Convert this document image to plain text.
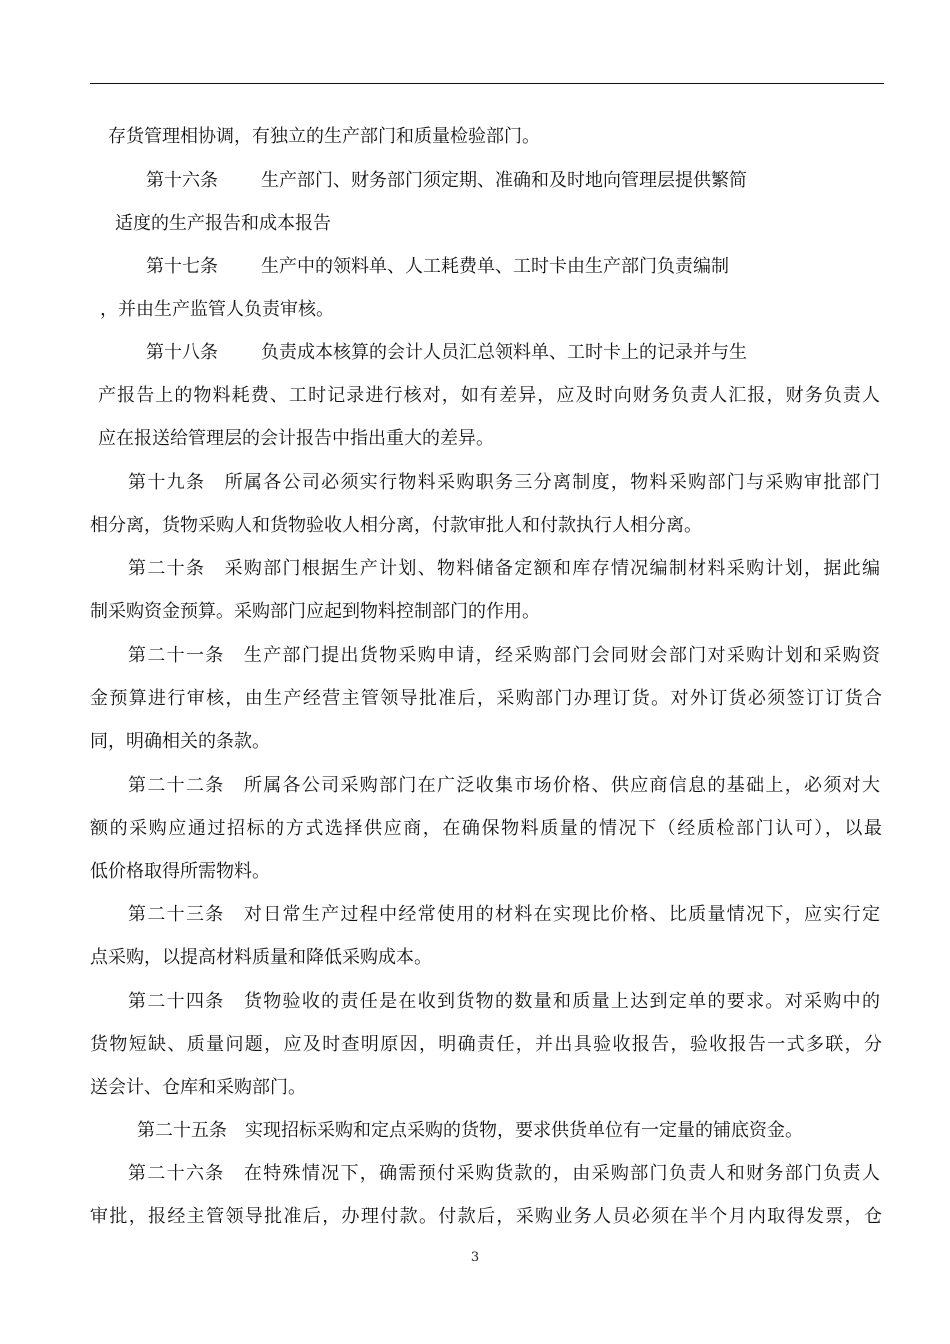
存货管理相协调，有独立的生产部门和质量检验部门。
第十六条 生产部门、财务部门须定期、准确和及时地向管理层提供繁简
适度的生产报告和成本报告
第十七条 生产中的领料单、人工耗费单、工时卡由生产部门负责编制
，并由生产监管人负责审核。
第十八条 负责成本核算的会计人员汇总领料单、工时卡上的记录并与生
产报告上的物料耗费、工时记录进行核对，如有差异，应及时向财务负责人汇报，财务负责人
应在报送给管理层的会计报告中指出重大的差异。
第十九条　所属各公司必须实行物料采购职务三分离制度，物料采购部门与采购审批部门
相分离，货物采购人和货物验收人相分离，付款审批人和付款执行人相分离。
第二十条　采购部门根据生产计划、物料储备定额和库存情况编制材料采购计划，据此编
制采购资金预算。采购部门应起到物料控制部门的作用。
第二十一条　生产部门提出货物采购申请，经采购部门会同财会部门对采购计划和采购资
金预算进行审核，由生产经营主管领导批准后，采购部门办理订货。对外订货必须签订订货合
同，明确相关的条款。
第二十二条　所属各公司采购部门在广泛收集市场价格、供应商信息的基础上，必须对大
额的采购应通过招标的方式选择供应商，在确保物料质量的情况下（经质检部门认可），以最
低价格取得所需物料。
第二十三条　对日常生产过程中经常使用的材料在实现比价格、比质量情况下，应实行定
点采购，以提高材料质量和降低采购成本。
第二十四条　货物验收的责任是在收到货物的数量和质量上达到定单的要求。对采购中的
货物短缺、质量问题，应及时查明原因，明确责任，并出具验收报告，验收报告一式多联，分
送会计、仓库和采购部门。
第二十五条　实现招标采购和定点采购的货物，要求供货单位有一定量的铺底资金。
第二十六条　在特殊情况下，确需预付采购货款的，由采购部门负责人和财务部门负责人
审批，报经主管领导批准后，办理付款。付款后，采购业务人员必须在半个月内取得发票，仓
3
